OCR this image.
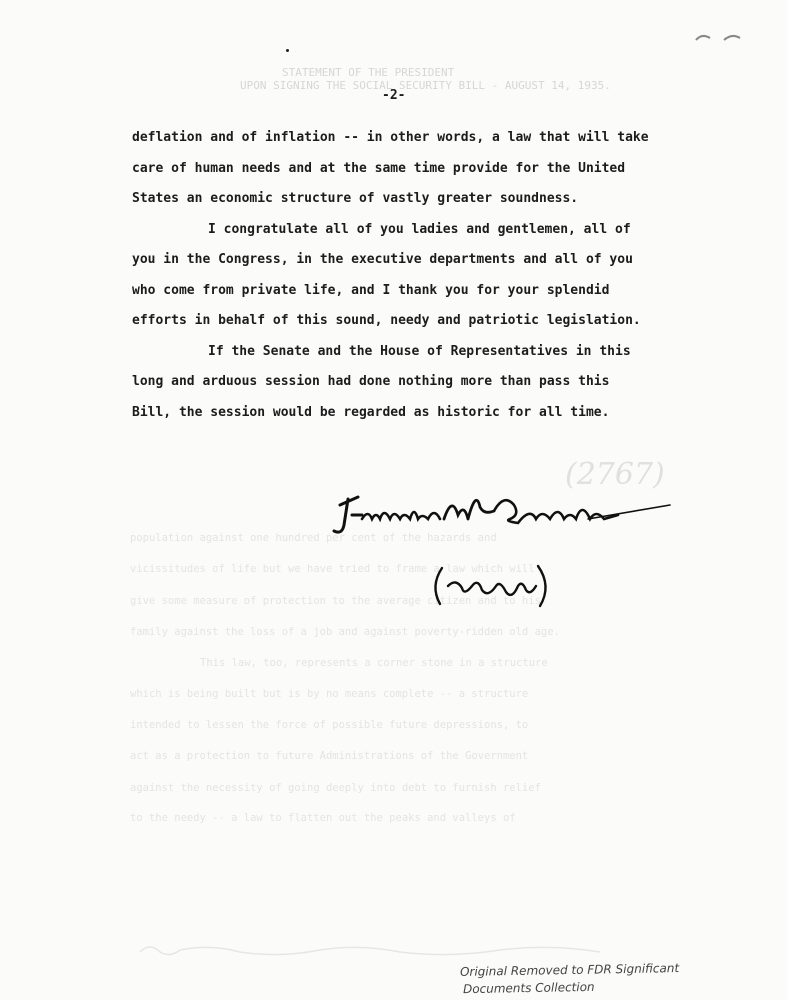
STATEMENT OF THE PRESIDENT
UPON SIGNING THE SOCIAL SECURITY BILL - AUGUST 14, 1935.
-2-
population against one hundred per cent of the hazards and
vicissitudes of life but we have tried to frame a law which will
give some measure of protection to the average citizen and to his
family against the loss of a job and against poverty-ridden old age.
This law, too, represents a corner stone in a structure
which is being built but is by no means complete -- a structure
intended to lessen the force of possible future depressions, to
act as a protection to future Administrations of the Government
against the necessity of going deeply into debt to furnish relief
to the needy -- a law to flatten out the peaks and valleys of
deflation and of inflation -- in other words, a law that will take
care of human needs and at the same time provide for the United
States an economic structure of vastly greater soundness.
I congratulate all of you ladies and gentlemen, all of
you in the Congress, in the executive departments and all of you
who come from private life, and I thank you for your splendid
efforts in behalf of this sound, needy and patriotic legislation.
If the Senate and the House of Representatives in this
long and arduous session had done nothing more than pass this
Bill, the session would be regarded as historic for all time.
(2767)
Original Removed to FDR Significant
Documents Collection
